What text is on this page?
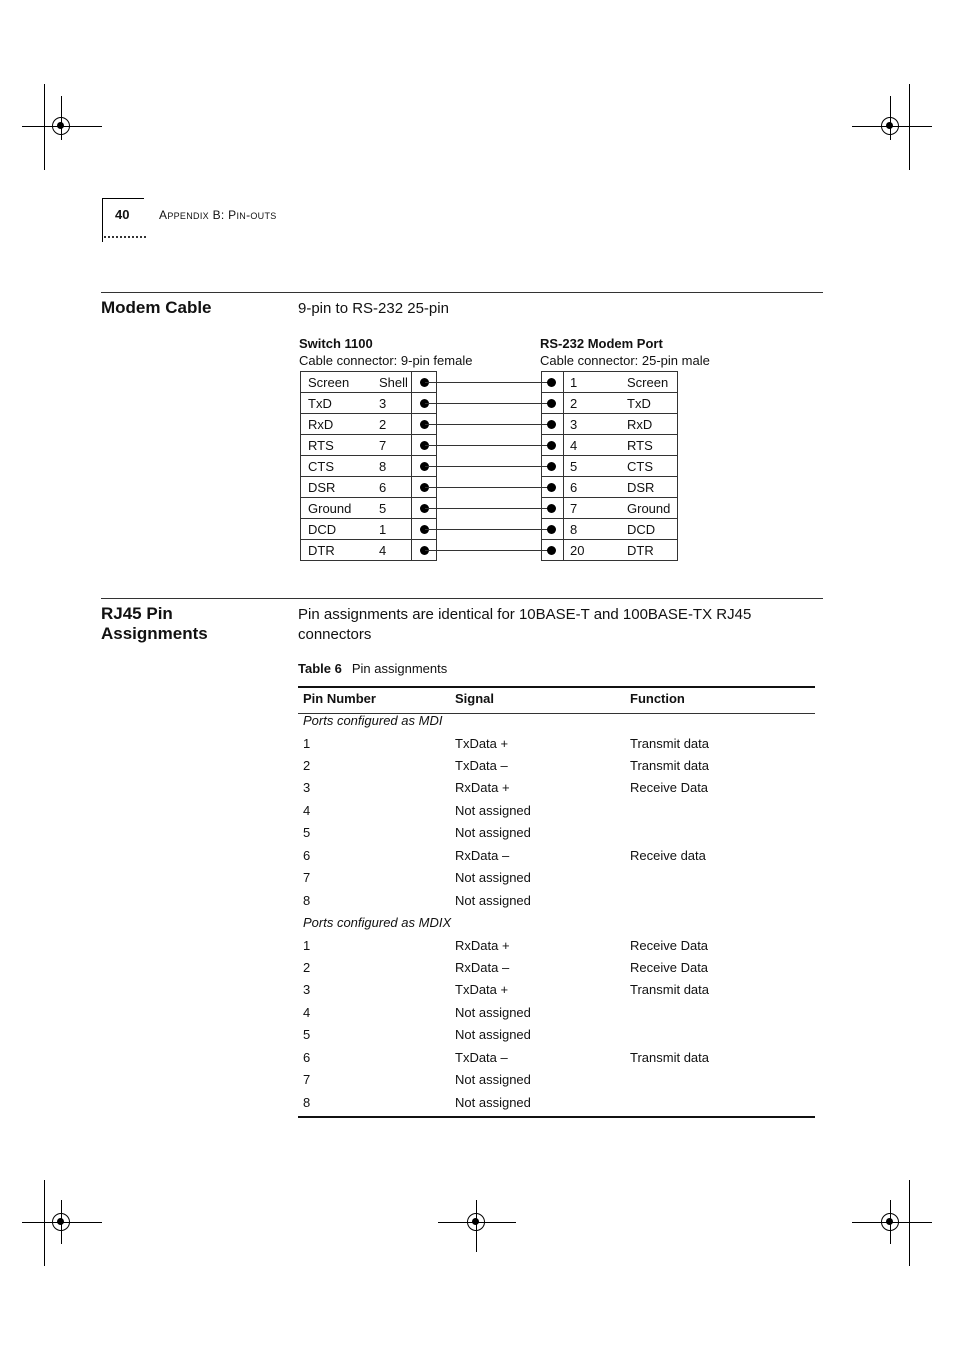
40 APPENDIX B: PIN-OUTS
Modem Cable	9-pin to RS-232 25-pin
Switch 1100
Cable connector: 9-pin female
RS-232 Modem Port
Cable connector: 25-pin male
Screen Shell
TxD	3
RxD	2
RTS	7
CTS	8
DSR	6
Ground 5
DCD	1
DTR	4
1	Screen
2	TxD
3	RxD
4	RTS
5	CTS
6	DSR
7	Ground
8	DCD
20	DTR
RJ45 Pin
Assignments
Pin assignments are identical for 10BASE-T and 100BASE-TX RJ45
connectors
Table 6 Pin assignments
Pin Number	Signal	Function
Ports configured as MDI
1	TxData +	Transmit data
2	TxData –	Transmit data
3	RxData +	Receive Data
4	Not assigned
5	Not assigned
6	RxData –	Receive data
7	Not assigned
8	Not assigned
Ports configured as MDIX
1	RxData +	Receive Data
2	RxData –	Receive Data
3	TxData +	Transmit data
4	Not assigned
5	Not assigned
6	TxData –	Transmit data
7	Not assigned
8	Not assigned
